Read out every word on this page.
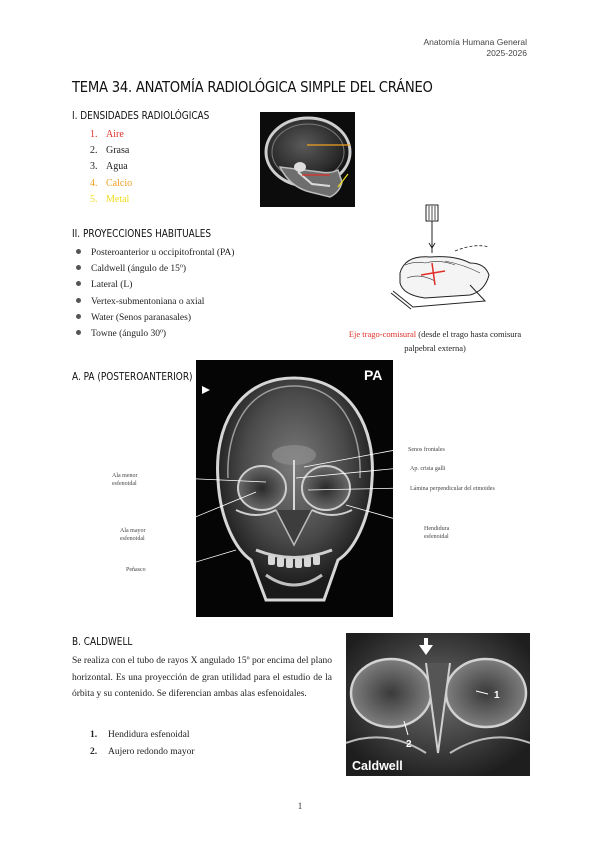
Anatomía Humana General
2025-2026
TEMA 34. ANATOMÍA RADIOLÓGICA SIMPLE DEL CRÁNEO
I. DENSIDADES RADIOLÓGICAS
1. Aire
2. Grasa
3. Agua
4. Calcio
5. Metal
II. PROYECCIONES HABITUALES
Posteroanterior u occipitofrontal (PA)
Caldwell (ángulo de 15º)
Lateral (L)
Vertex-submentoniana o axial
Water (Senos paranasales)
Towne (ángulo 30º)	Eje trago-comisural (desde el trago hasta comisura palpebral externa)
A. PA (POSTEROANTERIOR)	PA
Ala menor esfenoidal
Ala mayor esfenoidal
Peñasco
Senos frontales
Ap. crista galli
Lámina perpendicular del etmoides
Hendidura esfenoidal
B. CALDWELL
Se realiza con el tubo de rayos X angulado 15º por encima del plano horizontal. Es una proyección de gran utilidad para el estudio de la órbita y su contenido. Se diferencian ambas alas esfenoidales.
1. Hendidura esfenoidal
2. Aujero redondo mayor
1
2
Caldwell
1
